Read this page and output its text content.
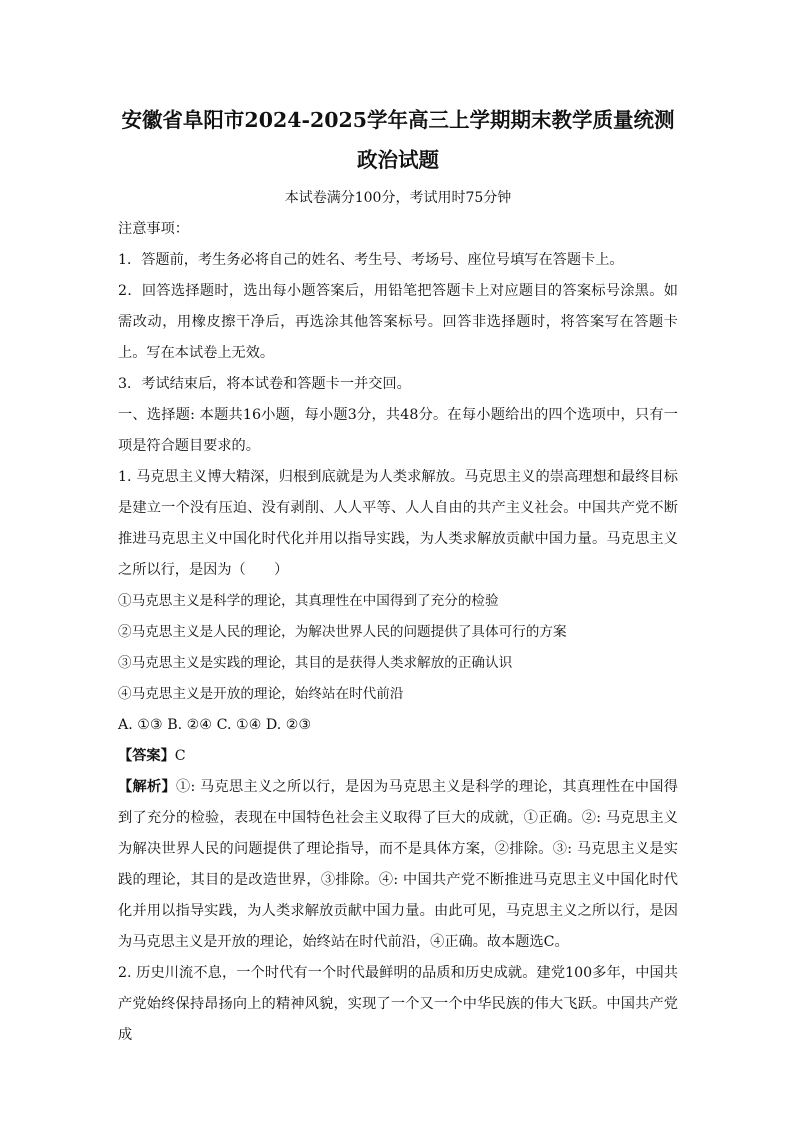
安徽省阜阳市2024-2025学年高三上学期期末教学质量统测
政治试题

本试卷满分100分，考试用时75分钟

注意事项：

1．答题前，考生务必将自己的姓名、考生号、考场号、座位号填写在答题卡上。

2．回答选择题时，选出每小题答案后，用铅笔把答题卡上对应题目的答案标号涂黑。如需改动，用橡皮擦干净后，再选涂其他答案标号。回答非选择题时，将答案写在答题卡上。写在本试卷上无效。

3．考试结束后，将本试卷和答题卡一并交回。

一、选择题: 本题共16小题，每小题3分，共48分。在每小题给出的四个选项中，只有一项是符合题目要求的。

1. 马克思主义博大精深，归根到底就是为人类求解放。马克思主义的崇高理想和最终目标是建立一个没有压迫、没有剥削、人人平等、人人自由的共产主义社会。中国共产党不断推进马克思主义中国化时代化并用以指导实践，为人类求解放贡献中国力量。马克思主义之所以行，是因为（　　）

①马克思主义是科学的理论，其真理性在中国得到了充分的检验

②马克思主义是人民的理论，为解决世界人民的问题提供了具体可行的方案

③马克思主义是实践的理论，其目的是获得人类求解放的正确认识

④马克思主义是开放的理论，始终站在时代前沿

A. ①③ B. ②④ C. ①④ D. ②③

【答案】C

【解析】①: 马克思主义之所以行，是因为马克思主义是科学的理论，其真理性在中国得到了充分的检验，表现在中国特色社会主义取得了巨大的成就，①正确。②: 马克思主义为解决世界人民的问题提供了理论指导，而不是具体方案，②排除。③: 马克思主义是实践的理论，其目的是改造世界，③排除。④: 中国共产党不断推进马克思主义中国化时代化并用以指导实践，为人类求解放贡献中国力量。由此可见，马克思主义之所以行，是因为马克思主义是开放的理论，始终站在时代前沿，④正确。故本题选C。

2. 历史川流不息，一个时代有一个时代最鲜明的品质和历史成就。建党100多年，中国共产党始终保持昂扬向上的精神风貌，实现了一个又一个中华民族的伟大飞跃。中国共产党成
